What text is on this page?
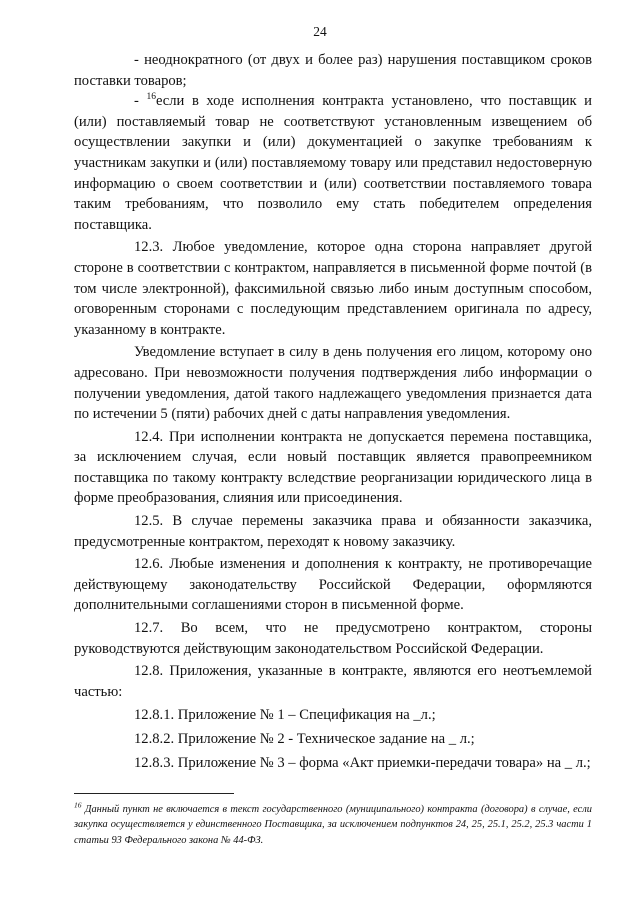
24

- неоднократного (от двух и более раз) нарушения поставщиком сроков поставки товаров;

- $^{16}$если в ходе исполнения контракта установлено, что поставщик и (или) поставляемый товар не соответствуют установленным извещением об осуществлении закупки и (или) документацией о закупке требованиям к участникам закупки и (или) поставляемому товару или представил недостоверную информацию о своем соответствии и (или) соответствии поставляемого товара таким требованиям, что позволило ему стать победителем определения поставщика.

12.3. Любое уведомление, которое одна сторона направляет другой стороне в соответствии с контрактом, направляется в письменной форме почтой (в том числе электронной), факсимильной связью либо иным доступным способом, оговоренным сторонами с последующим представлением оригинала по адресу, указанному в контракте.

Уведомление вступает в силу в день получения его лицом, которому оно адресовано. При невозможности получения подтверждения либо информации о получении уведомления, датой такого надлежащего уведомления признается дата по истечении 5 (пяти) рабочих дней с даты направления уведомления.

12.4. При исполнении контракта не допускается перемена поставщика, за исключением случая, если новый поставщик является правопреемником поставщика по такому контракту вследствие реорганизации юридического лица в форме преобразования, слияния или присоединения.

12.5. В случае перемены заказчика права и обязанности заказчика, предусмотренные контрактом, переходят к новому заказчику.

12.6. Любые изменения и дополнения к контракту, не противоречащие действующему законодательству Российской Федерации, оформляются дополнительными соглашениями сторон в письменной форме.

12.7. Во всем, что не предусмотрено контрактом, стороны руководствуются действующим законодательством Российской Федерации.

12.8. Приложения, указанные в контракте, являются его неотъемлемой частью:

12.8.1. Приложение № 1 – Спецификация на _л.;

12.8.2. Приложение № 2 - Техническое задание на _ л.;

12.8.3. Приложение № 3 – форма «Акт приемки-передачи товара» на _ л.;

$^{16}$ Данный пункт не включается в текст государственного (муниципального) контракта (договора) в случае, если закупка осуществляется у единственного Поставщика, за исключением подпунктов 24, 25, 25.1, 25.2, 25.3 части 1 статьи 93 Федерального закона № 44-ФЗ.
